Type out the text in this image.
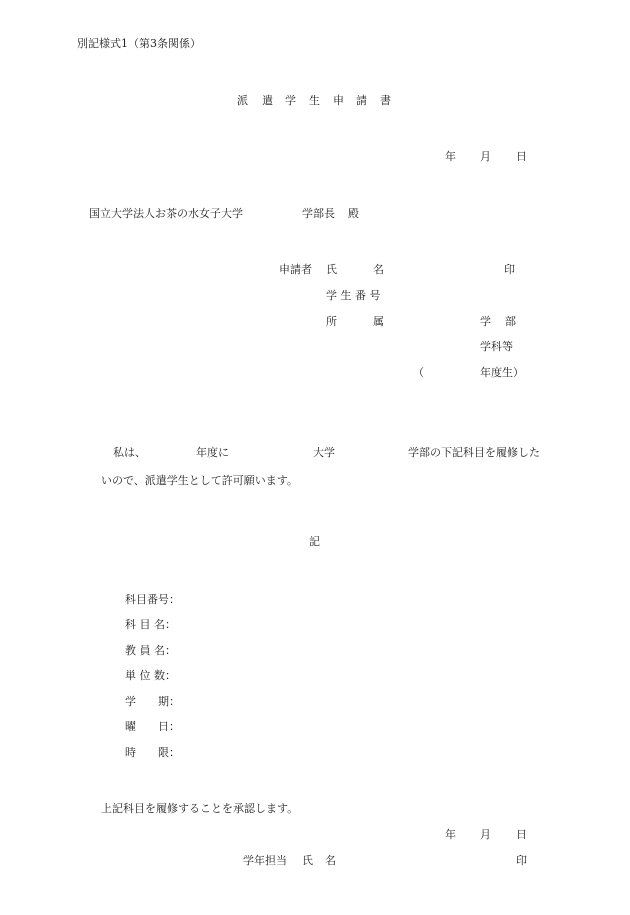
別記様式1（第3条関係）
派 遣 学 生 申 請 書
年 月 日
国立大学法人お茶の水女子大学	学部長 殿
申請者 氏	名	印
学 生 番 号
所	属	学 部
学科等
（	年度生）
私は、	年度に	大学	学部の下記科目を履修した
いので、派遣学生として許可願います。
記
科目番号：
科 目 名：
教 員 名：
単 位 数：
学　　期：
曜　　日：
時　　限：
上記科目を履修することを承認します。
年 月 日
学年担当 氏 名	印
